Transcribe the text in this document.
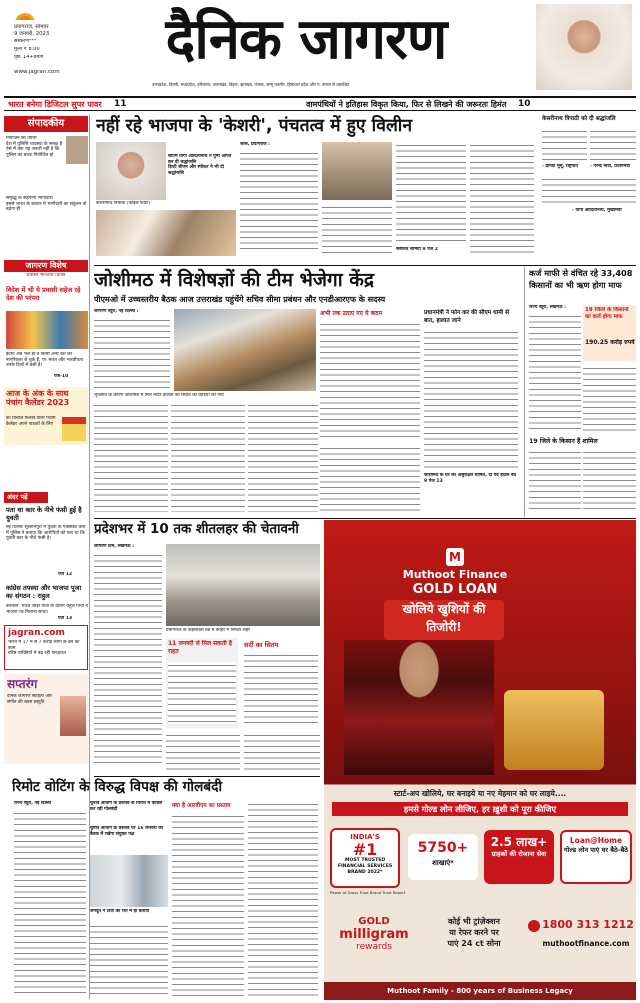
प्रयागराज, सोमवर
9 जनवरी, 2023
संस्करण***
मूल्य ₹ 8.00
पृष्ठ: 14+प्रयाग
www.jagran.com	दैनिक जागरण
उत्तरप्रदेश, दिल्ली, मध्यप्रदेश, हरियाणा, उत्तराखंड, बिहार, झारखंड, पंजाब, जम्मू कश्मीर, हिमाचल प्रदेश और प. बंगाल से प्रकाशित
भारत बनेगा डिजिटल सुपर पावर	11	वामपंथियों ने इतिहास विकृत किया, फिर से लिखने की जरूरतः हिमंत	10
संपादकीय
नियोजन की तैयारी
देश में पुलिसि व्यवस्था के समक्ष हैं ऐसे में क्या यह जरूरी नहीं है कि पुलिस का बजट नियोजित हो
समृद्धि के सहयोगी भागीदारी
इससे भारत के बाजार में भागीदारी का संतुलन तो बढ़ेगा ही
जागरण विशेष
प्रवासी भारतीय दिवस
विदेश में भी ये प्रवासी सहेज रहे देश की परंपरा
इंदौरः अब भले ही वे किसी अन्य देश की नागरिकता ले चुके हैं, पर भारत और भारतीयता उनके दिलों में बसी है।
पेज-10
आज के अंक के साथ पंचांग कैलेंडर 2023
का विशाल फैलाव वाला पंचांग कैलेंडर अपने पाठकों के लिए
अंदर पढ़ें
पता था कार के नीचे फंसी हुई है युवती
नई दिल्लीः सुल्तानपुरी में युवती के एक्सीडेंट केस में पुलिस ने बताया कि आरोपियों को पता था कि युवती कार के नीचे फंसी है।
पेज 12
कांग्रेस तपस्या और भाजपा पूजा का संगठन : राहुल
करनाल: भारत जोड़ो यात्रा के दौरान राहुल गांधी ने भाजपा पर निशाना साधा।
पेज 13
jagran.com
भारत में 17 में से 7 करोड़ लोगों के ब्रेन का काम
वरिष्ठ व्यक्तियों में बढ़ रही याददाश्त
सप्तरंग
दैनिक जागरण साहित्य और संगीत की खास प्रस्तुति
नहीं रहे भाजपा के 'केशरी', पंचतत्व में हुए विलीन
केशरीनाथ त्रिपाठी (फाइल फोटो)
सीएम योगी आदित्यनाथ ने पुष्प अर्पित कर दी श्रद्धांजलि
डिप्टी सीएम और स्पीकर ने भी दी श्रद्धांजलि
जासं, प्रयागराज :
संबंधित सामग्री 9 पेज 2
केसरीनाथ त्रिपाठी को दी श्रद्धांजलि
- द्रौपदी मुर्मू, राष्ट्रपति	- नरेन्द्र मोदी, प्रधानमंत्री
- योगी आदित्यनाथ, मुख्यमंत्री
जोशीमठ में विशेषज्ञों की टीम भेजेगा केंद्र
पीएमओ में उच्चस्तरीय बैठक आज उत्तराखंड पहुंचेंगे सचिव सीमा प्रबंधन और एनडीआरएफ के सदस्य
जागरण ब्यूरो, नई दिल्ली :
भूधंसाव के कारण जोशीमठ में मिले मंदिर हालात की स्थिति का वीडियो की गया
अभी तक उठाए गए ये कदम	प्रधानमंत्री ने फोन कर की सीएम धामी से बात, हालात जाने
जोशीमठ के घर को असुरक्षित घोषित, दो पर्दे होटल बंद 9 पेज 13
कर्ज माफी से वंचित रहे 33,408 किसानों का भी ऋण होगा माफ
राज्य ब्यूरो, लखनऊ :	19 जिलों के किसानों का कर्ज होगा माफ
190.25 करोड़ रुपये
19 जिले के किसान हैं शामिल
प्रदेशभर में 10 तक शीतलहर की चेतावनी
जागरण टीम, लखनऊ :
प्रयागराज के कड़ाकाती ठंड में कोहरे में लिपटा शहर
11 जनवरी से मिल सकती है राहत
सर्दी का सितम
M
Muthoot Finance
GOLD LOAN
खोलिये खुशियों की तिजोरी!
स्टार्ट-अप खोलिये, घर बनाइये या नए मेहमान को घर लाइये....
हमसे गोल्ड लोन लीजिए, हर ख़ुशी को पूरा कीजिए
INDIA'S
#1
MOST TRUSTED FINANCIAL SERVICES BRAND 2022*
5750+
शाखाएं*
2.5 लाख+
ग्राहकों की रोजाना सेवा
Loan@Home
गोल्ड लोन पाएं घर बैठे-बैठे
Power of Gross Trust Brand Trust Report
GOLD
milligram
rewards
कोई भी ट्रांज़ेक्शन
या रेफर करने पर
पाएं 24 ct सोना
1800 313 1212
muthootfinance.com
Muthoot Family - 800 years of Business Legacy
रिमोट वोटिंग के विरुद्ध विपक्ष की गोलबंदी
राज्य ब्यूरो, नई दिल्ली	चुनाव आयोग के प्रस्ताव के विरोध में कांग्रेस कर रही गोलबंदी
चुनाव आयोग के प्रस्ताव पर 16 जनवरी की बैठक में रखेगा संयुक्त पक्ष
जनदूत ने टीवी को रात में ही बताया
क्या है आरवीएम का प्रस्ताव
